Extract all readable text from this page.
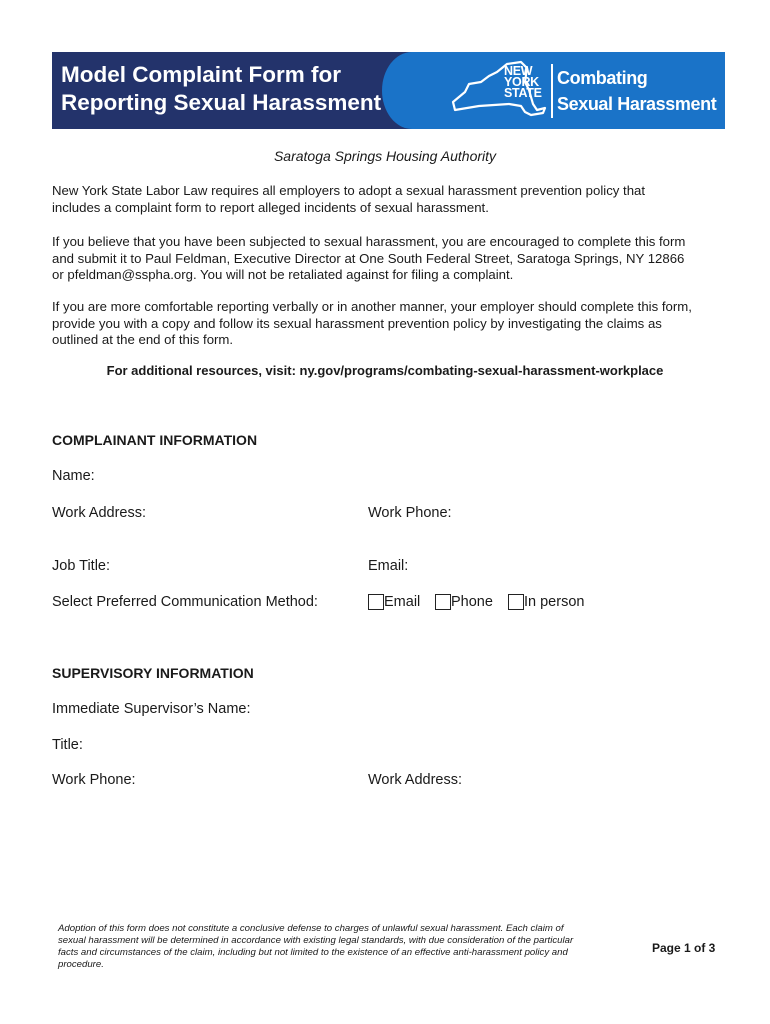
Model Complaint Form for
Reporting Sexual Harassment
NEW
YORK
STATE
Combating
Sexual Harassment
Saratoga Springs Housing Authority
New York State Labor Law requires all employers to adopt a sexual harassment prevention policy that
includes a complaint form to report alleged incidents of sexual harassment.
If you believe that you have been subjected to sexual harassment, you are encouraged to complete this form
and submit it to Paul Feldman, Executive Director at One South Federal Street, Saratoga Springs, NY 12866
or pfeldman@sspha.org. You will not be retaliated against for filing a complaint.
If you are more comfortable reporting verbally or in another manner, your employer should complete this form,
provide you with a copy and follow its sexual harassment prevention policy by investigating the claims as
outlined at the end of this form.
For additional resources, visit: ny.gov/programs/combating-sexual-harassment-workplace
COMPLAINANT INFORMATION
Name:
Work Address:	Work Phone:
Job Title:	Email:
Select Preferred Communication Method:	Email Phone In person
SUPERVISORY INFORMATION
Immediate Supervisor’s Name:
Title:
Work Phone:	Work Address:
Adoption of this form does not constitute a conclusive defense to charges of unlawful sexual harassment. Each claim of
sexual harassment will be determined in accordance with existing legal standards, with due consideration of the particular
facts and circumstances of the claim, including but not limited to the existence of an effective anti-harassment policy and
procedure.
Page 1 of 3
